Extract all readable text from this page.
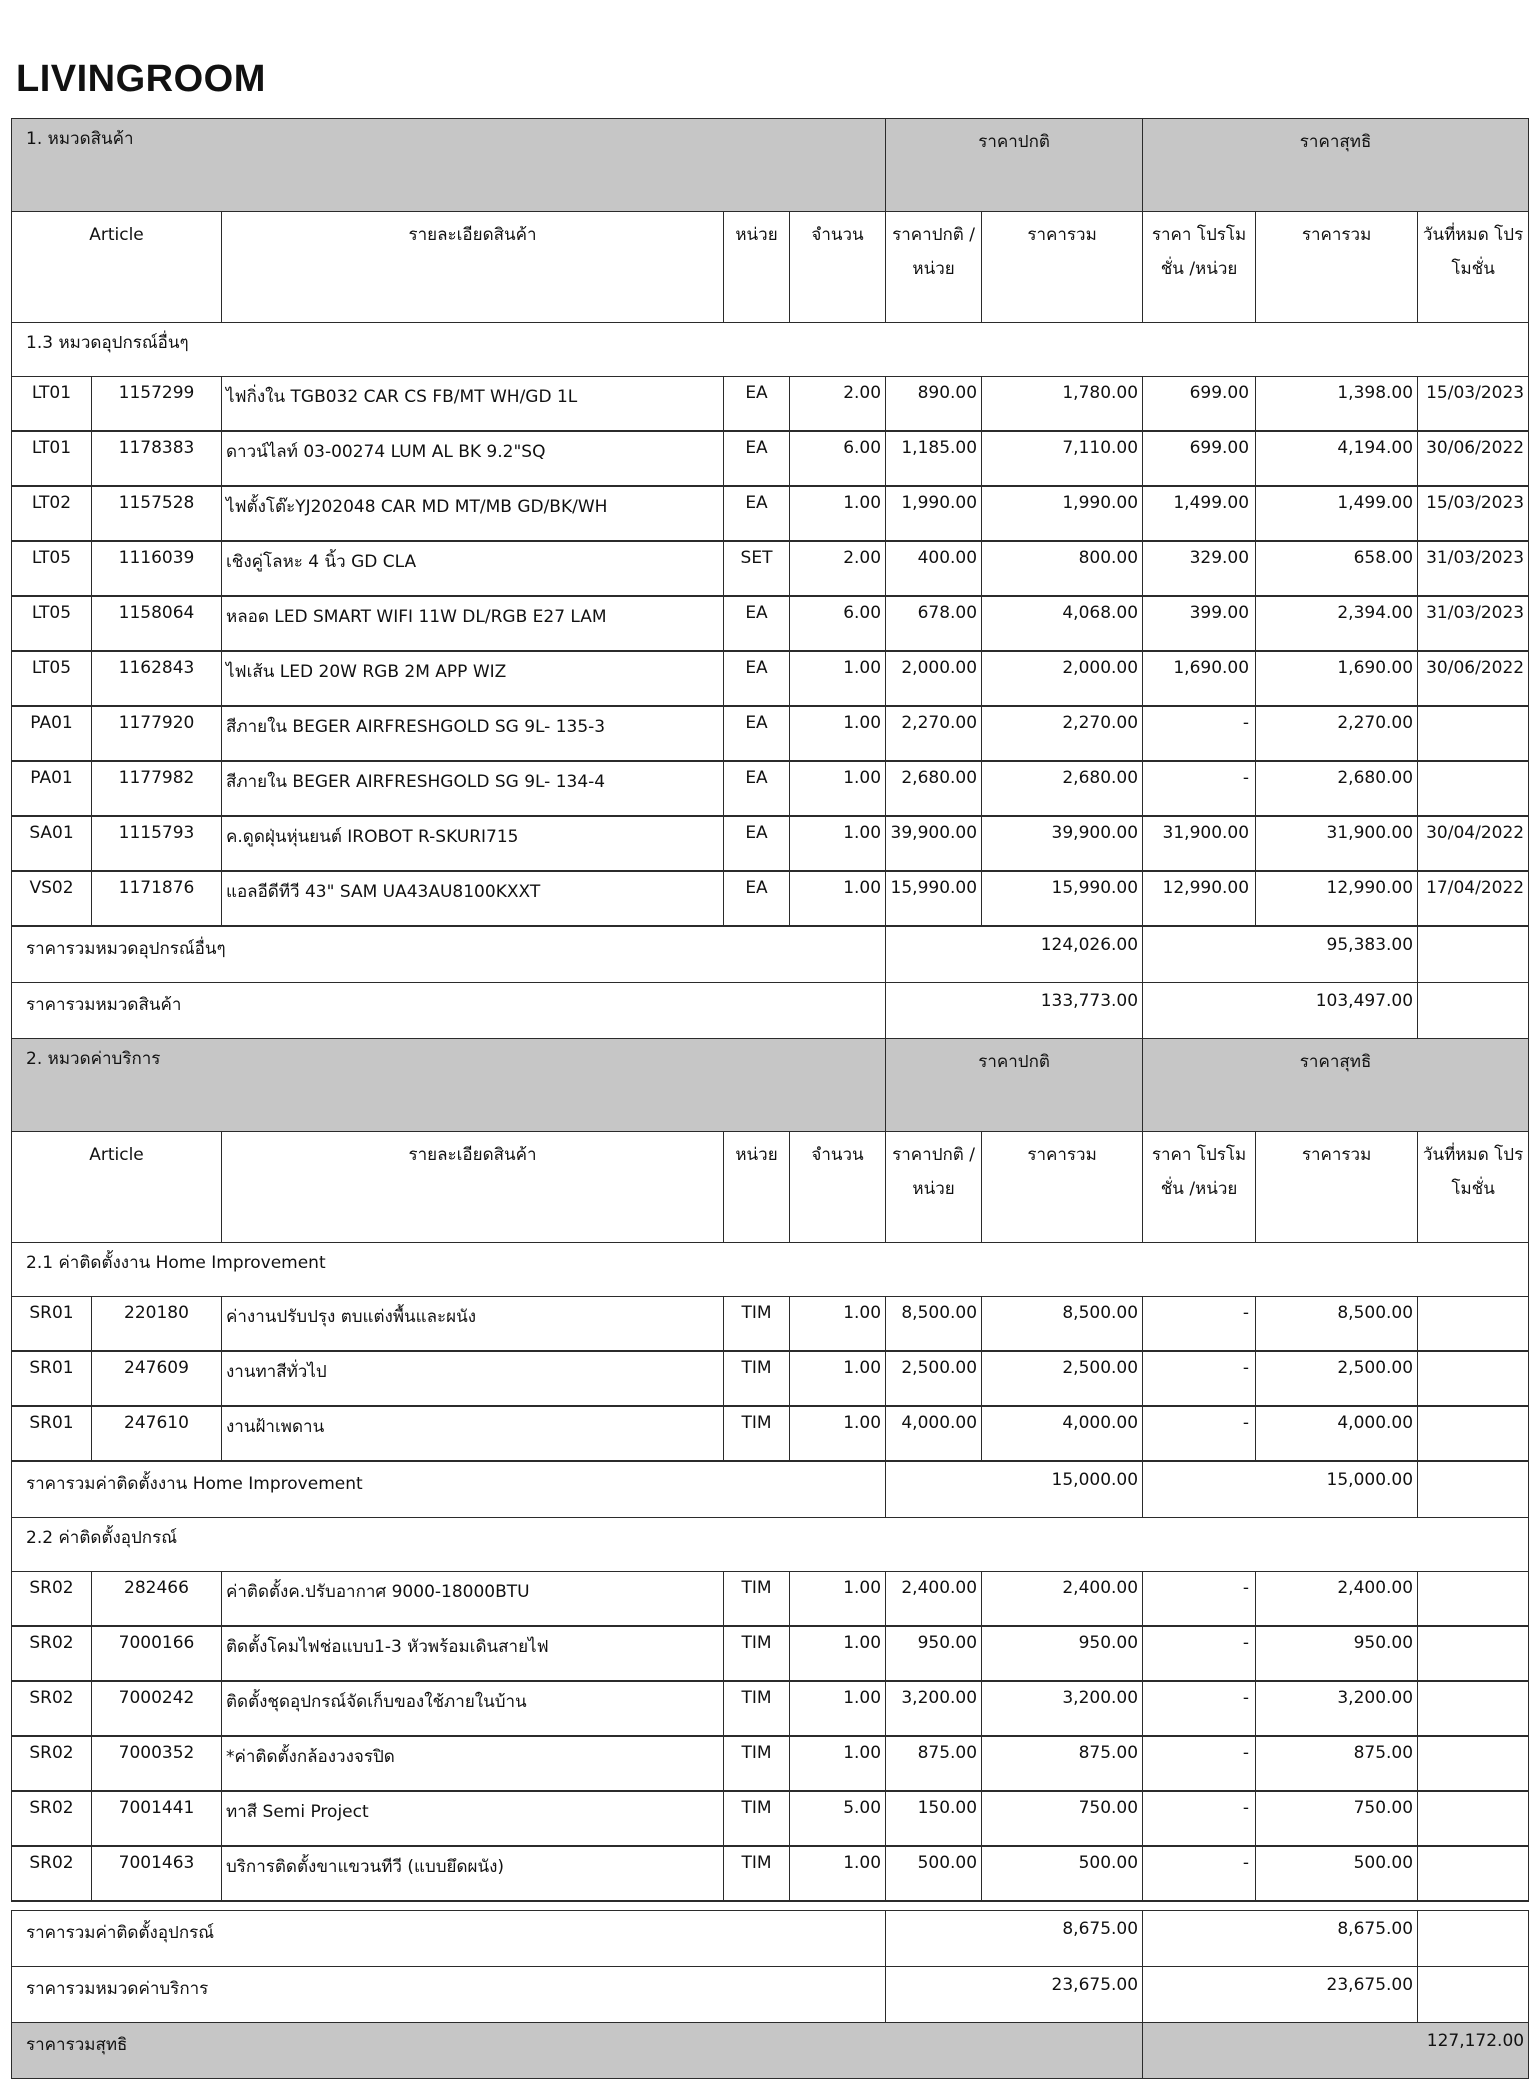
LIVINGROOM
1. หมวดสินค้า					ราคาปกติ		ราคาสุทธิ		
Article		รายละเอียดสินค้า	หน่วย	จำนวน	ราคาปกติ /หน่วย	ราคารวม	ราคา โปรโมชั่น /หน่วย	ราคารวม	วันที่หมด โปรโมชั่น
1.3 หมวดอุปกรณ์อื่นๆ									
LT01	1157299	ไฟกิ่งใน TGB032 CAR CS FB/MT WH/GD 1L	EA	2.00	890.00	1,780.00	699.00	1,398.00	15/03/2023
LT01	1178383	ดาวน์ไลท์ 03-00274 LUM AL BK 9.2"SQ	EA	6.00	1,185.00	7,110.00	699.00	4,194.00	30/06/2022
LT02	1157528	ไฟตั้งโต๊ะYJ202048 CAR MD MT/MB GD/BK/WH	EA	1.00	1,990.00	1,990.00	1,499.00	1,499.00	15/03/2023
LT05	1116039	เชิงคู่โลหะ 4 นิ้ว GD CLA	SET	2.00	400.00	800.00	329.00	658.00	31/03/2023
LT05	1158064	หลอด LED SMART WIFI 11W DL/RGB E27 LAM	EA	6.00	678.00	4,068.00	399.00	2,394.00	31/03/2023
LT05	1162843	ไฟเส้น LED 20W RGB 2M APP WIZ	EA	1.00	2,000.00	2,000.00	1,690.00	1,690.00	30/06/2022
PA01	1177920	สีภายใน BEGER AIRFRESHGOLD SG 9L- 135-3	EA	1.00	2,270.00	2,270.00	-	2,270.00	
PA01	1177982	สีภายใน BEGER AIRFRESHGOLD SG 9L- 134-4	EA	1.00	2,680.00	2,680.00	-	2,680.00	
SA01	1115793	ค.ดูดฝุ่นหุ่นยนต์ IROBOT R-SKURI715	EA	1.00	39,900.00	39,900.00	31,900.00	31,900.00	30/04/2022
VS02	1171876	แอลอีดีทีวี 43" SAM UA43AU8100KXXT	EA	1.00	15,990.00	15,990.00	12,990.00	12,990.00	17/04/2022
ราคารวมหมวดอุปกรณ์อื่นๆ					124,026.00		95,383.00		
ราคารวมหมวดสินค้า					133,773.00		103,497.00		
2. หมวดค่าบริการ					ราคาปกติ		ราคาสุทธิ		
Article		รายละเอียดสินค้า	หน่วย	จำนวน	ราคาปกติ /หน่วย	ราคารวม	ราคา โปรโมชั่น /หน่วย	ราคารวม	วันที่หมด โปรโมชั่น
2.1 ค่าติดตั้งงาน Home Improvement									
SR01	220180	ค่างานปรับปรุง ตบแต่งพื้นและผนัง	TIM	1.00	8,500.00	8,500.00	-	8,500.00	
SR01	247609	งานทาสีทั่วไป	TIM	1.00	2,500.00	2,500.00	-	2,500.00	
SR01	247610	งานฝ้าเพดาน	TIM	1.00	4,000.00	4,000.00	-	4,000.00	
ราคารวมค่าติดตั้งงาน Home Improvement					15,000.00		15,000.00		
2.2 ค่าติดตั้งอุปกรณ์									
SR02	282466	ค่าติดตั้งค.ปรับอากาศ 9000-18000BTU	TIM	1.00	2,400.00	2,400.00	-	2,400.00	
SR02	7000166	ติดตั้งโคมไฟช่อแบบ1-3 หัวพร้อมเดินสายไฟ	TIM	1.00	950.00	950.00	-	950.00	
SR02	7000242	ติดตั้งชุดอุปกรณ์จัดเก็บของใช้ภายในบ้าน	TIM	1.00	3,200.00	3,200.00	-	3,200.00	
SR02	7000352	*ค่าติดตั้งกล้องวงจรปิด	TIM	1.00	875.00	875.00	-	875.00	
SR02	7001441	ทาสี Semi Project	TIM	5.00	150.00	750.00	-	750.00	
SR02	7001463	บริการติดตั้งขาแขวนทีวี (แบบยึดผนัง)	TIM	1.00	500.00	500.00	-	500.00	

ราคารวมค่าติดตั้งอุปกรณ์					8,675.00		8,675.00		
ราคารวมหมวดค่าบริการ					23,675.00		23,675.00		
ราคารวมสุทธิ							127,172.00		
